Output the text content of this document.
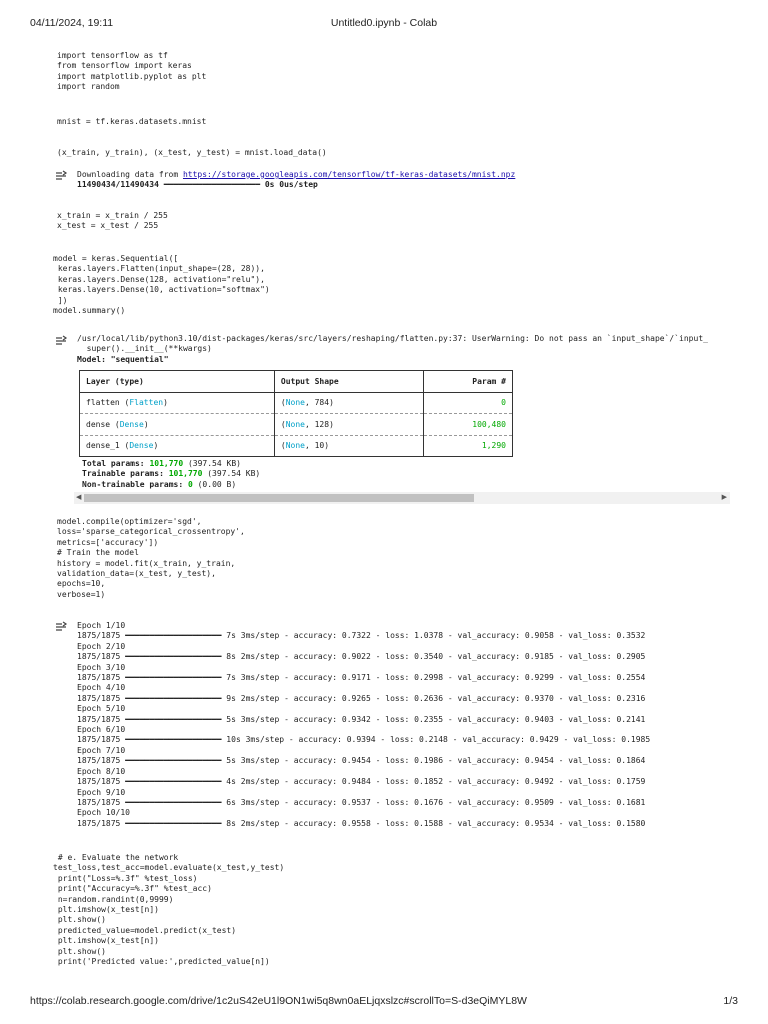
04/11/2024, 19:11	Untitled0.ipynb - Colab
import tensorflow as tf
from tensorflow import keras
import matplotlib.pyplot as plt
import random
mnist = tf.keras.datasets.mnist
(x_train, y_train), (x_test, y_test) = mnist.load_data()
Downloading data from https://storage.googleapis.com/tensorflow/tf-keras-datasets/mnist.npz
11490434/11490434 ━━━━━━━━━━━━━━━━━━━━ 0s 0us/step
x_train = x_train / 255
x_test = x_test / 255
model = keras.Sequential([
keras.layers.Flatten(input_shape=(28, 28)),
keras.layers.Dense(128, activation="relu"),
keras.layers.Dense(10, activation="softmax")
])
model.summary()
/usr/local/lib/python3.10/dist-packages/keras/src/layers/reshaping/flatten.py:37: UserWarning: Do not pass an `input_shape`/`input_
super().__init__(**kwargs)
Model: "sequential"
Layer (type)	Output Shape	Param #
flatten (Flatten)	(None, 784)	0
dense (Dense)	(None, 128)	100,480
dense_1 (Dense)	(None, 10)	1,290
Total params: 101,770 (397.54 KB)
Trainable params: 101,770 (397.54 KB)
Non-trainable params: 0 (0.00 B)
◀	▶
model.compile(optimizer='sgd',
loss='sparse_categorical_crossentropy',
metrics=['accuracy'])
# Train the model
history = model.fit(x_train, y_train,
validation_data=(x_test, y_test),
epochs=10,
verbose=1)
Epoch 1/10
1875/1875 ━━━━━━━━━━━━━━━━━━━━ 7s 3ms/step - accuracy: 0.7322 - loss: 1.0378 - val_accuracy: 0.9058 - val_loss: 0.3532
Epoch 2/10
1875/1875 ━━━━━━━━━━━━━━━━━━━━ 8s 2ms/step - accuracy: 0.9022 - loss: 0.3540 - val_accuracy: 0.9185 - val_loss: 0.2905
Epoch 3/10
1875/1875 ━━━━━━━━━━━━━━━━━━━━ 7s 3ms/step - accuracy: 0.9171 - loss: 0.2998 - val_accuracy: 0.9299 - val_loss: 0.2554
Epoch 4/10
1875/1875 ━━━━━━━━━━━━━━━━━━━━ 9s 2ms/step - accuracy: 0.9265 - loss: 0.2636 - val_accuracy: 0.9370 - val_loss: 0.2316
Epoch 5/10
1875/1875 ━━━━━━━━━━━━━━━━━━━━ 5s 3ms/step - accuracy: 0.9342 - loss: 0.2355 - val_accuracy: 0.9403 - val_loss: 0.2141
Epoch 6/10
1875/1875 ━━━━━━━━━━━━━━━━━━━━ 10s 3ms/step - accuracy: 0.9394 - loss: 0.2148 - val_accuracy: 0.9429 - val_loss: 0.1985
Epoch 7/10
1875/1875 ━━━━━━━━━━━━━━━━━━━━ 5s 3ms/step - accuracy: 0.9454 - loss: 0.1986 - val_accuracy: 0.9454 - val_loss: 0.1864
Epoch 8/10
1875/1875 ━━━━━━━━━━━━━━━━━━━━ 4s 2ms/step - accuracy: 0.9484 - loss: 0.1852 - val_accuracy: 0.9492 - val_loss: 0.1759
Epoch 9/10
1875/1875 ━━━━━━━━━━━━━━━━━━━━ 6s 3ms/step - accuracy: 0.9537 - loss: 0.1676 - val_accuracy: 0.9509 - val_loss: 0.1681
Epoch 10/10
1875/1875 ━━━━━━━━━━━━━━━━━━━━ 8s 2ms/step - accuracy: 0.9558 - loss: 0.1588 - val_accuracy: 0.9534 - val_loss: 0.1580
# e. Evaluate the network
test_loss,test_acc=model.evaluate(x_test,y_test)
print("Loss=%.3f" %test_loss)
print("Accuracy=%.3f" %test_acc)
n=random.randint(0,9999)
plt.imshow(x_test[n])
plt.show()
predicted_value=model.predict(x_test)
plt.imshow(x_test[n])
plt.show()
print('Predicted value:',predicted_value[n])
https://colab.research.google.com/drive/1c2uS42eU1l9ON1wi5q8wn0aELjqxslzc#scrollTo=S-d3eQiMYL8W	1/3
